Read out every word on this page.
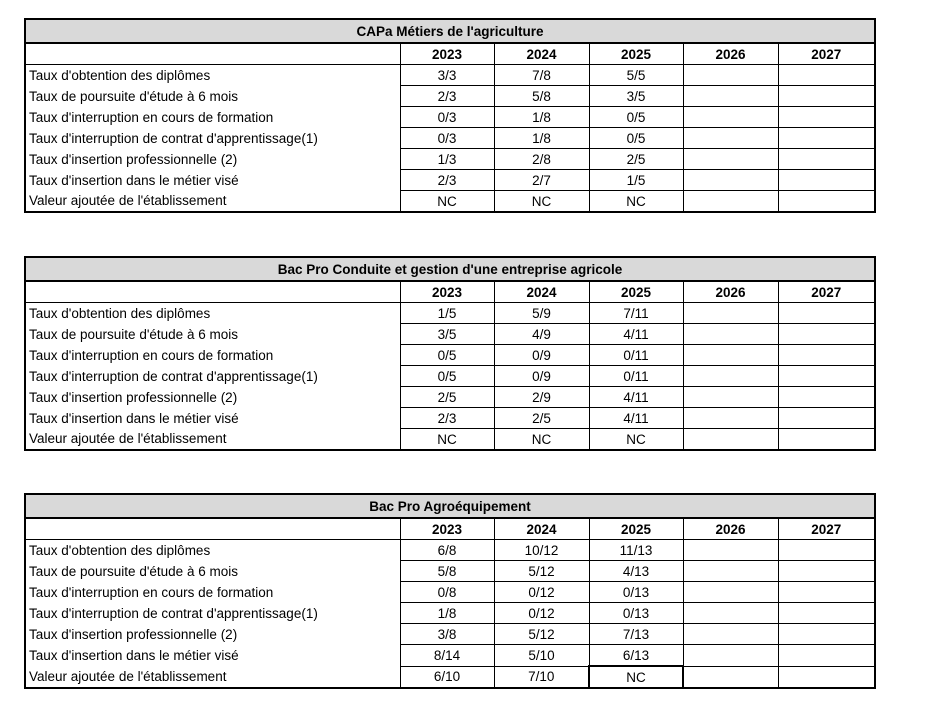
CAPa Métiers de l'agriculture					
	2023	2024	2025	2026	2027
Taux d'obtention des diplômes	3/3	7/8	5/5		
Taux de poursuite d'étude à 6 mois	2/3	5/8	3/5		
Taux d'interruption en cours de formation	0/3	1/8	0/5		
Taux d'interruption de contrat d'apprentissage(1)	0/3	1/8	0/5		
Taux d'insertion professionnelle (2)	1/3	2/8	2/5		
Taux d'insertion dans le métier visé	2/3	2/7	1/5		
Valeur ajoutée de l'établissement	NC	NC	NC		
Bac Pro Conduite et gestion d'une entreprise agricole					
	2023	2024	2025	2026	2027
Taux d'obtention des diplômes	1/5	5/9	7/11		
Taux de poursuite d'étude à 6 mois	3/5	4/9	4/11		
Taux d'interruption en cours de formation	0/5	0/9	0/11		
Taux d'interruption de contrat d'apprentissage(1)	0/5	0/9	0/11		
Taux d'insertion professionnelle (2)	2/5	2/9	4/11		
Taux d'insertion dans le métier visé	2/3	2/5	4/11		
Valeur ajoutée de l'établissement	NC	NC	NC		
Bac Pro Agroéquipement					
	2023	2024	2025	2026	2027
Taux d'obtention des diplômes	6/8	10/12	11/13		
Taux de poursuite d'étude à 6 mois	5/8	5/12	4/13		
Taux d'interruption en cours de formation	0/8	0/12	0/13		
Taux d'interruption de contrat d'apprentissage(1)	1/8	0/12	0/13		
Taux d'insertion professionnelle (2)	3/8	5/12	7/13		
Taux d'insertion dans le métier visé	8/14	5/10	6/13		
Valeur ajoutée de l'établissement	6/10	7/10	NC		
